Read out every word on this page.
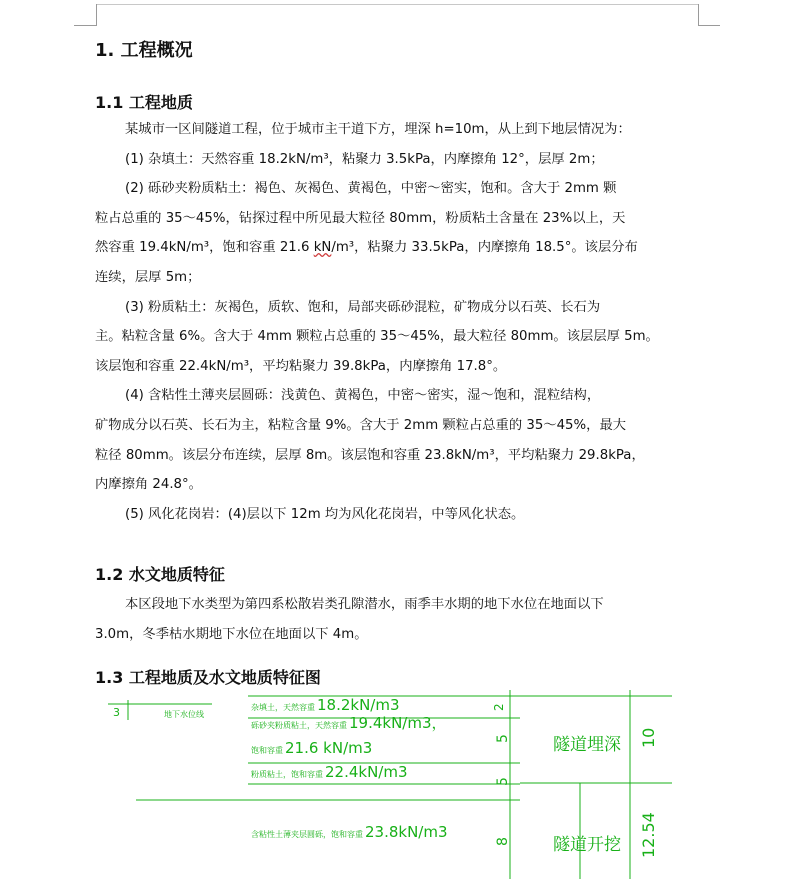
1. 工程概况
1.1 工程地质
某城市一区间隧道工程，位于城市主干道下方，埋深 h=10m，从上到下地层情况为：
(1) 杂填土：天然容重 18.2kN/m³，粘聚力 3.5kPa，内摩擦角 12°，层厚 2m；
(2) 砾砂夹粉质粘土：褐色、灰褐色、黄褐色，中密～密实，饱和。含大于 2mm 颗
粒占总重的 35～45%，钻探过程中所见最大粒径 80mm，粉质粘土含量在 23%以上，天
然容重 19.4kN/m³，饱和容重 21.6 kN/m³，粘聚力 33.5kPa，内摩擦角 18.5°。该层分布
连续，层厚 5m；
(3) 粉质粘土：灰褐色，质软、饱和，局部夹砾砂混粒，矿物成分以石英、长石为
主。粘粒含量 6%。含大于 4mm 颗粒占总重的 35～45%，最大粒径 80mm。该层层厚 5m。
该层饱和容重 22.4kN/m³，平均粘聚力 39.8kPa，内摩擦角 17.8°。
(4) 含粘性土薄夹层圆砾：浅黄色、黄褐色，中密～密实，湿～饱和，混粒结构，
矿物成分以石英、长石为主，粘粒含量 9%。含大于 2mm 颗粒占总重的 35～45%，最大
粒径 80mm。该层分布连续，层厚 8m。该层饱和容重 23.8kN/m³，平均粘聚力 29.8kPa，
内摩擦角 24.8°。
(5) 风化花岗岩：(4)层以下 12m 均为风化花岗岩，中等风化状态。
1.2 水文地质特征
本区段地下水类型为第四系松散岩类孔隙潜水，雨季丰水期的地下水位在地面以下
3.0m，冬季枯水期地下水位在地面以下 4m。
1.3 工程地质及水文地质特征图
3	地下水位线
杂填土，天然容重 18.2kN/m3
砾砂夹粉质粘土，天然容重 19.4kN/m3，
饱和容重 21.6 kN/m3
粉质粘土，饱和容重 22.4kN/m3
含粘性土薄夹层圆砾，饱和容重 23.8kN/m3
2
5
5
8
隧道埋深
隧道开挖
10
12.54
